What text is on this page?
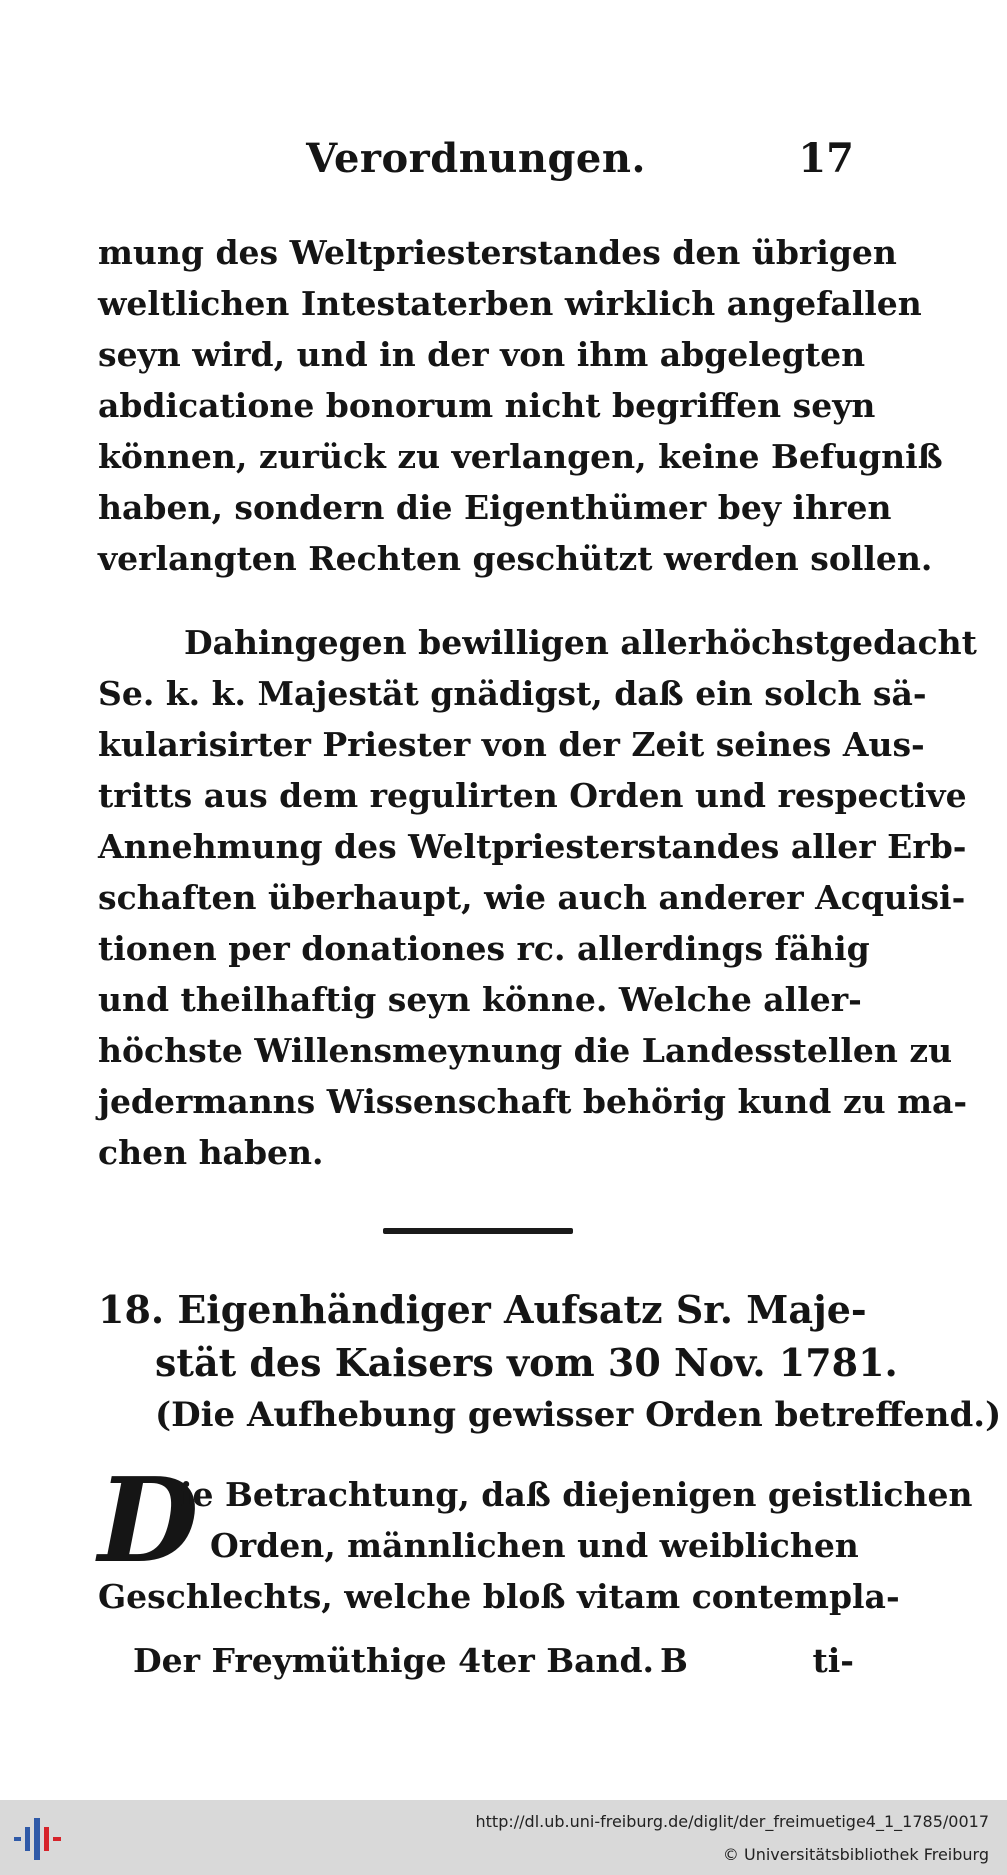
Verordnungen.	17
mung des Weltpriesterstandes den übrigen
weltlichen Intestaterben wirklich angefallen
seyn wird, und in der von ihm abgelegten
abdicatione bonorum nicht begriffen seyn
können, zurück zu verlangen, keine Befugniß
haben, sondern die Eigenthümer bey ihren
verlangten Rechten geschützt werden sollen.
Dahingegen bewilligen allerhöchstgedacht
Se. k. k. Majestät gnädigst, daß ein solch sä-
kularisirter Priester von der Zeit seines Aus-
tritts aus dem regulirten Orden und respective
Annehmung des Weltpriesterstandes aller Erb-
schaften überhaupt, wie auch anderer Acquisi-
tionen per donationes rc. allerdings fähig
und theilhaftig seyn könne. Welche aller-
höchste Willensmeynung die Landesstellen zu
jedermanns Wissenschaft behörig kund zu ma-
chen haben.
18. Eigenhändiger Aufsatz Sr. Maje-
stät des Kaisers vom 30 Nov. 1781.
(Die Aufhebung gewisser Orden betreffend.)
D
ie Betrachtung, daß diejenigen geistlichen
Orden, männlichen und weiblichen
Geschlechts, welche bloß vitam contempla-
Der Freymüthige 4ter Band. B	ti-
http://dl.ub.uni-freiburg.de/diglit/der_freimuetige4_1_1785/0017
© Universitätsbibliothek Freiburg
